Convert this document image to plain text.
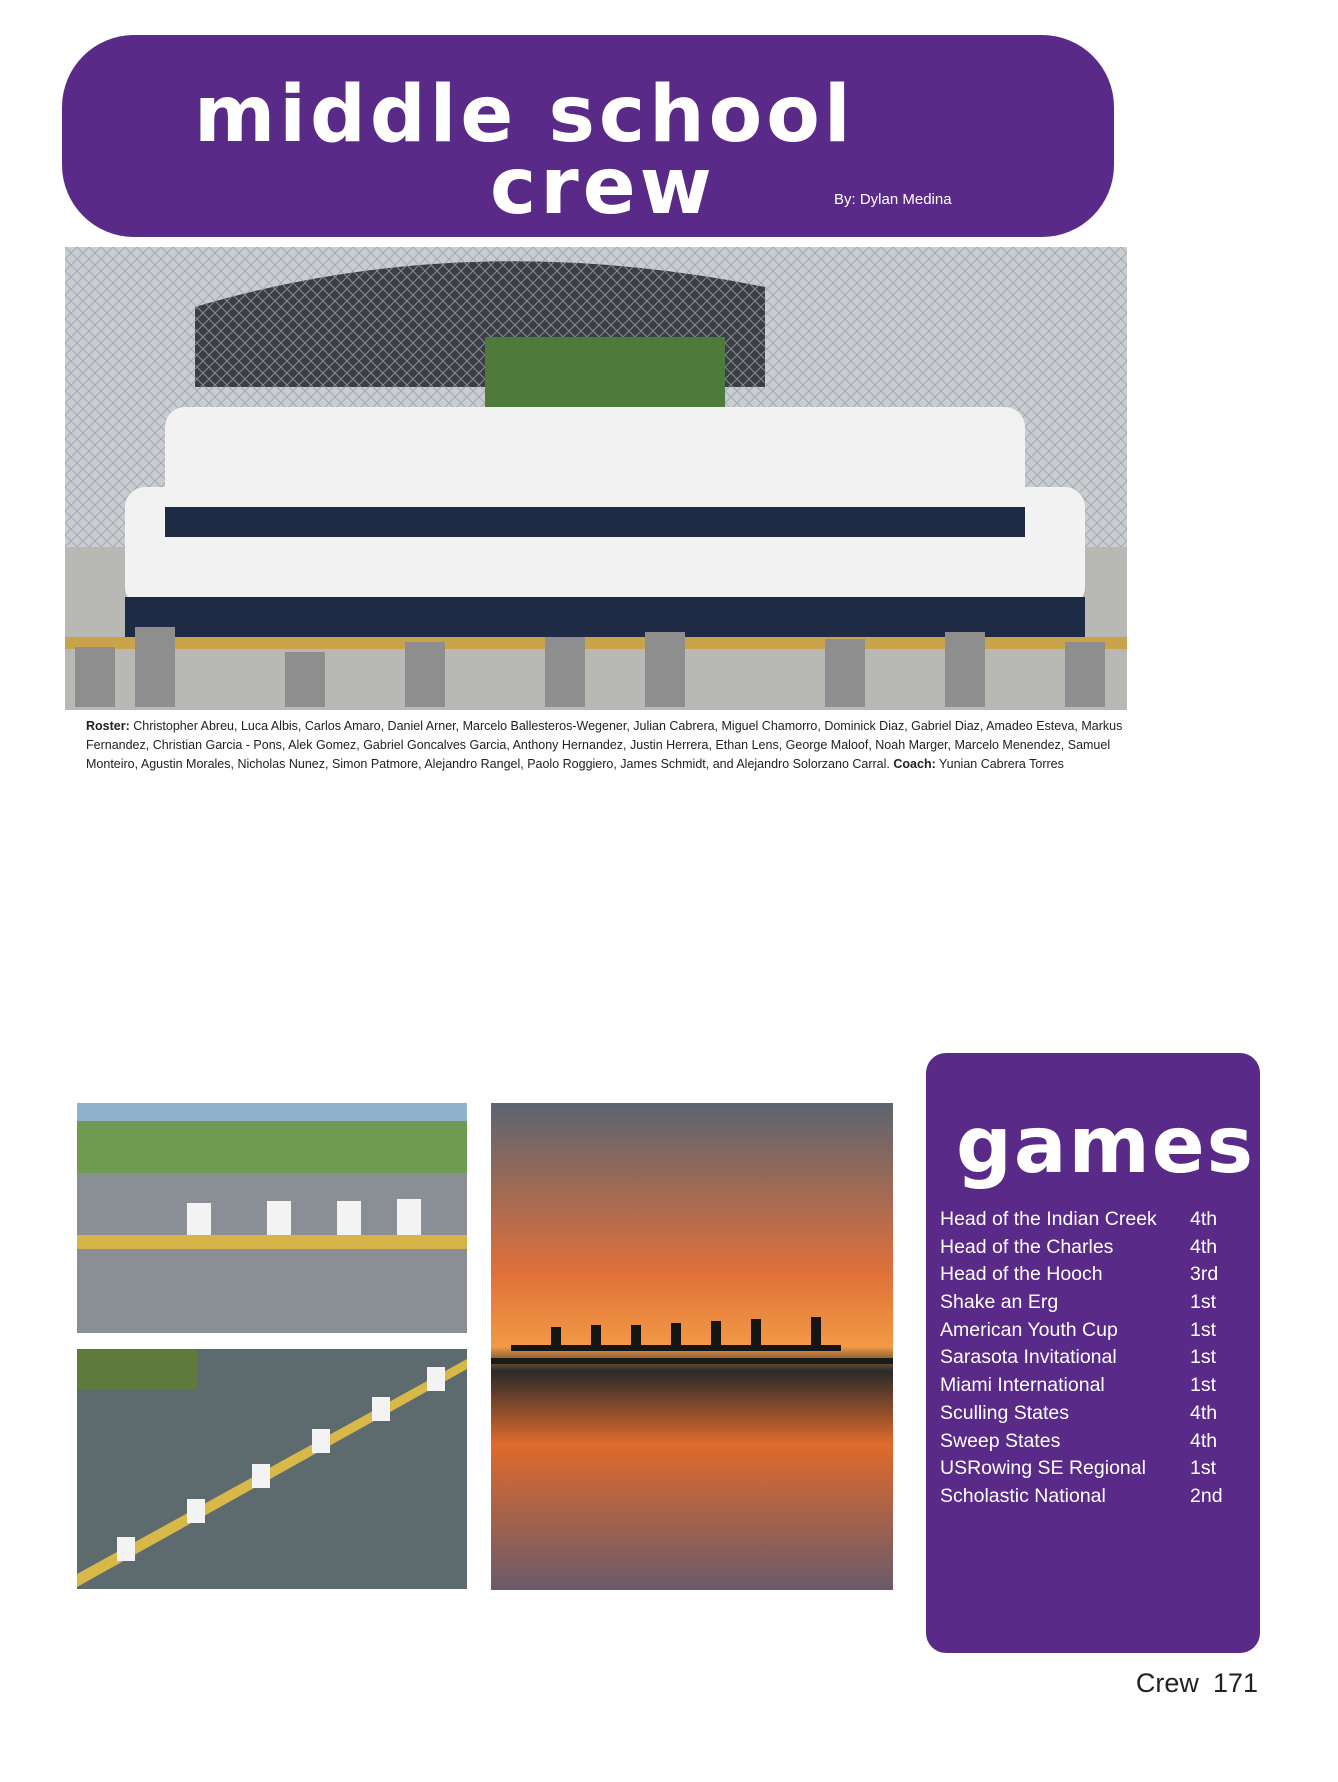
middle school
crew	By: Dylan Medina
Roster: Christopher Abreu, Luca Albis, Carlos Amaro, Daniel Arner, Marcelo Ballesteros-Wegener, Julian Cabrera, Miguel Chamorro, Dominick Diaz, Gabriel Diaz, Amadeo Esteva, Markus Fernandez, Christian Garcia - Pons, Alek Gomez, Gabriel Goncalves Garcia, Anthony Hernandez, Justin Herrera, Ethan Lens, George Maloof, Noah Marger, Marcelo Menendez, Samuel Monteiro, Agustin Morales, Nicholas Nunez, Simon Patmore, Alejandro Rangel, Paolo Roggiero, James Schmidt, and Alejandro Solorzano Carral. Coach: Yunian Cabrera Torres
games
Head of the Indian Creek 4th
Head of the Charles	4th
Head of the Hooch	3rd
Shake an Erg	1st
American Youth Cup	1st
Sarasota Invitational	1st
Miami International	1st
Sculling States	4th
Sweep States	4th
USRowing SE Regional 1st
Scholastic National	2nd
Crew 171
